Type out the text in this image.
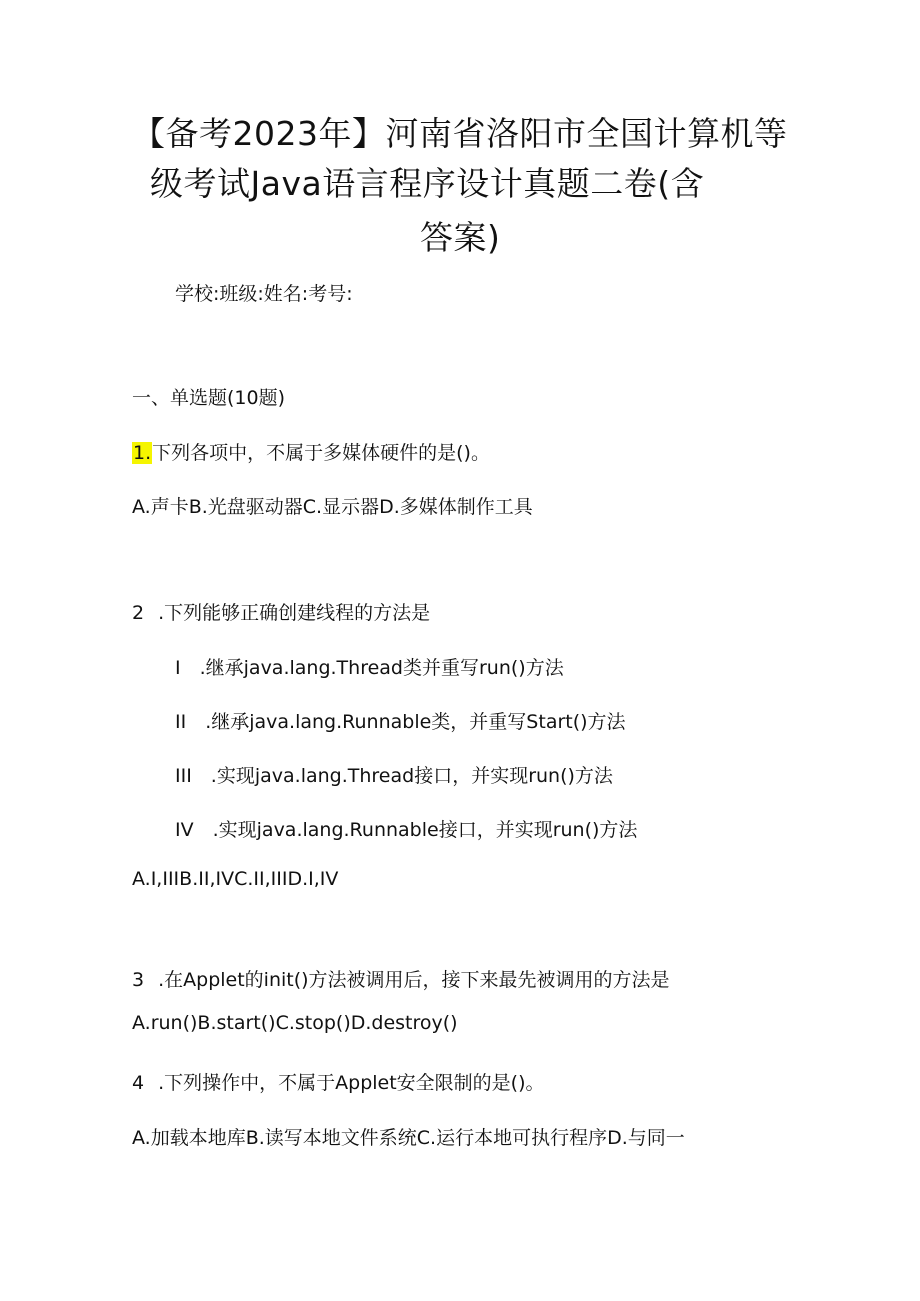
【备考2023年】河南省洛阳市全国计算机等
级考试Java语言程序设计真题二卷(含
答案)
学校:班级:姓名:考号:
一、单选题(10题)
1.下列各项中，不属于多媒体硬件的是()。
A.声卡B.光盘驱动器C.显示器D.多媒体制作工具
2 .下列能够正确创建线程的方法是
I　.继承java.lang.Thread类并重写run()方法
II　.继承java.lang.Runnable类，并重写Start()方法
III　.实现java.lang.Thread接口，并实现run()方法
IV　.实现java.lang.Runnable接口，并实现run()方法
A.I,IIIB.II,IVC.II,IIID.I,IV
3 .在Applet的init()方法被调用后，接下来最先被调用的方法是
A.run()B.start()C.stop()D.destroy()
4 .下列操作中，不属于Applet安全限制的是()。
A.加载本地库B.读写本地文件系统C.运行本地可执行程序D.与同一
